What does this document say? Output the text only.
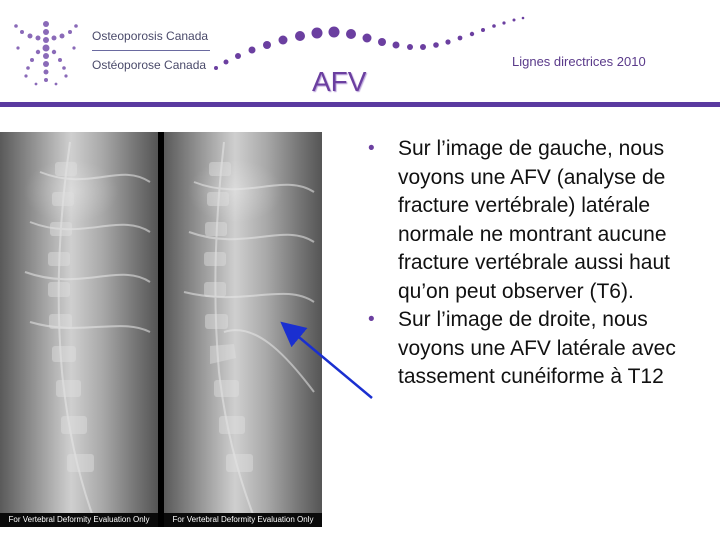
Osteoporosis Canada
Ostéoporose Canada
AFV
Lignes directrices 2010
For Vertebral Deformity Evaluation Only	For Vertebral Deformity Evaluation Only
• Sur l’image de gauche, nous voyons une AFV (analyse de fracture vertébrale) latérale normale ne montrant aucune fracture vertébrale aussi haut qu’on peut observer (T6).
• Sur l’image de droite, nous voyons une AFV latérale avec tassement cunéiforme à T12
